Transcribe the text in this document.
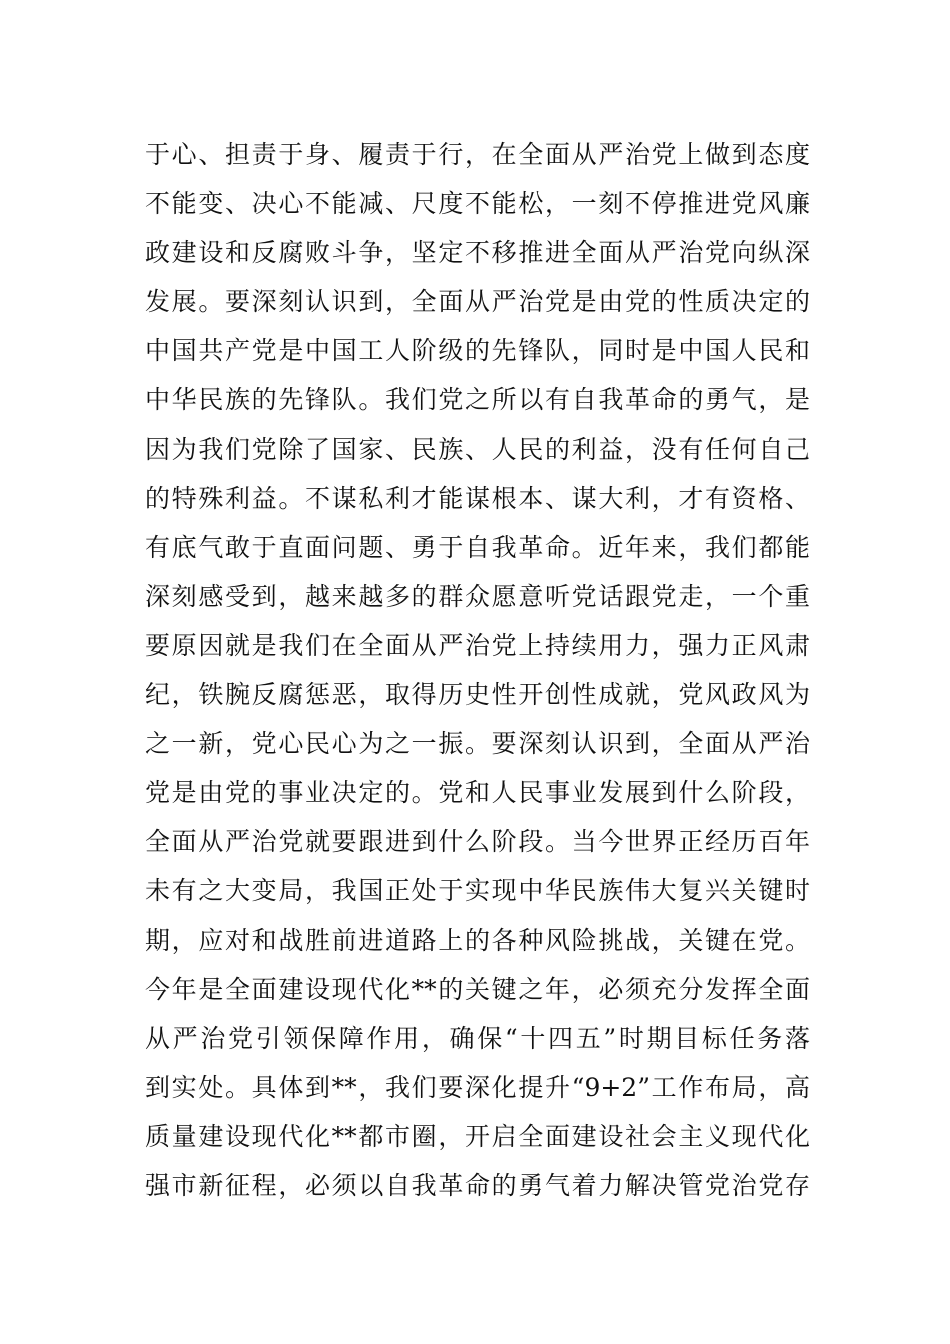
于心、担责于身、履责于行，在全面从严治党上做到态度
不能变、决心不能减、尺度不能松，一刻不停推进党风廉
政建设和反腐败斗争，坚定不移推进全面从严治党向纵深
发展。要深刻认识到，全面从严治党是由党的性质决定的
中国共产党是中国工人阶级的先锋队，同时是中国人民和
中华民族的先锋队。我们党之所以有自我革命的勇气，是
因为我们党除了国家、民族、人民的利益，没有任何自己
的特殊利益。不谋私利才能谋根本、谋大利，才有资格、
有底气敢于直面问题、勇于自我革命。近年来，我们都能
深刻感受到，越来越多的群众愿意听党话跟党走，一个重
要原因就是我们在全面从严治党上持续用力，强力正风肃
纪，铁腕反腐惩恶，取得历史性开创性成就，党风政风为
之一新，党心民心为之一振。要深刻认识到，全面从严治
党是由党的事业决定的。党和人民事业发展到什么阶段，
全面从严治党就要跟进到什么阶段。当今世界正经历百年
未有之大变局，我国正处于实现中华民族伟大复兴关键时
期，应对和战胜前进道路上的各种风险挑战，关键在党。
今年是全面建设现代化**的关键之年，必须充分发挥全面
从严治党引领保障作用，确保“十四五”时期目标任务落
到实处。具体到**，我们要深化提升“9+2”工作布局，高
质量建设现代化**都市圈，开启全面建设社会主义现代化
强市新征程，必须以自我革命的勇气着力解决管党治党存
